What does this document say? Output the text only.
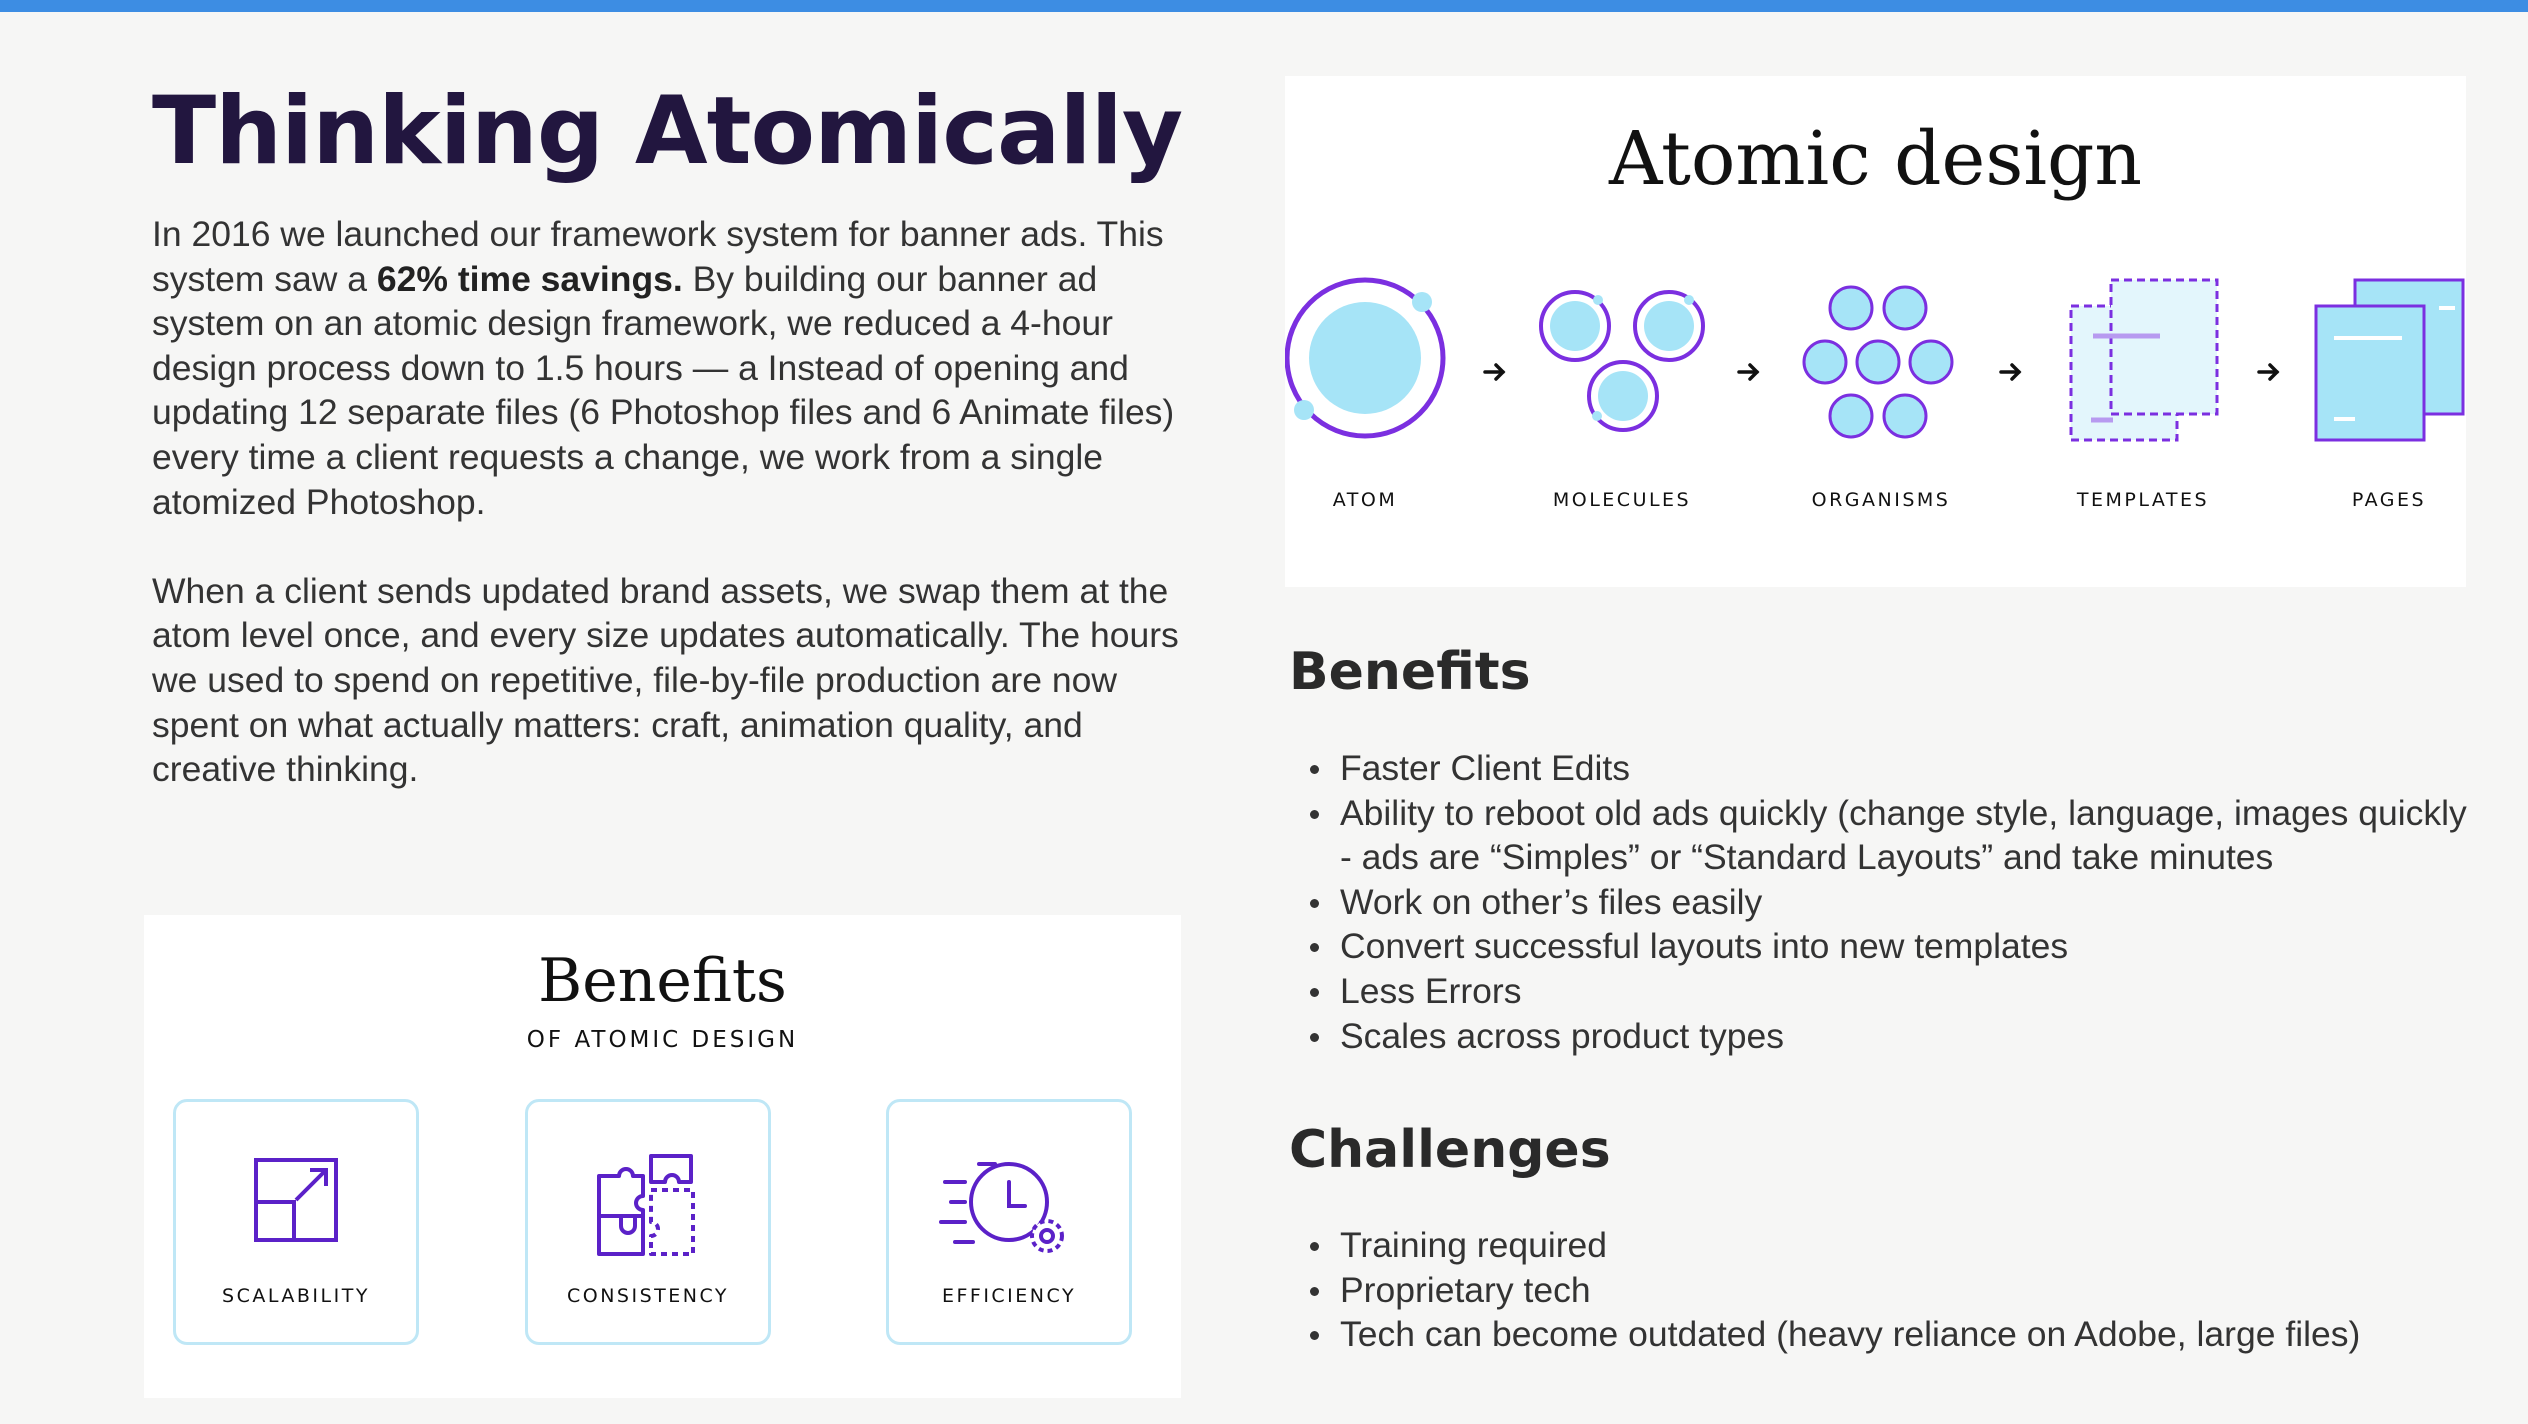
Thinking Atomically

In 2016 we launched our framework system for banner ads. This system saw a 62% time savings. By building our banner ad system on an atomic design framework, we reduced a 4-hour design process down to 1.5 hours — a Instead of opening and updating 12 separate files (6 Photoshop files and 6 Animate files) every time a client requests a change, we work from a single atomized Photoshop.

When a client sends updated brand assets, we swap them at the atom level once, and every size updates automatically. The hours we used to spend on repetitive, file-by-file production are now spent on what actually matters: craft, animation quality, and creative thinking.

Benefits
OF ATOMIC DESIGN
SCALABILITY	CONSISTENCY	EFFICIENCY
Atomic design
ATOM	MOLECULES	ORGANISMS	TEMPLATES	PAGES
Benefits
Faster Client Edits
Ability to reboot old ads quickly (change style, language, images quickly - ads are “Simples” or “Standard Layouts” and take minutes
Work on other’s files easily
Convert successful layouts into new templates
Less Errors
Scales across product types
Challenges
Training required
Proprietary tech
Tech can become outdated (heavy reliance on Adobe, large files)
